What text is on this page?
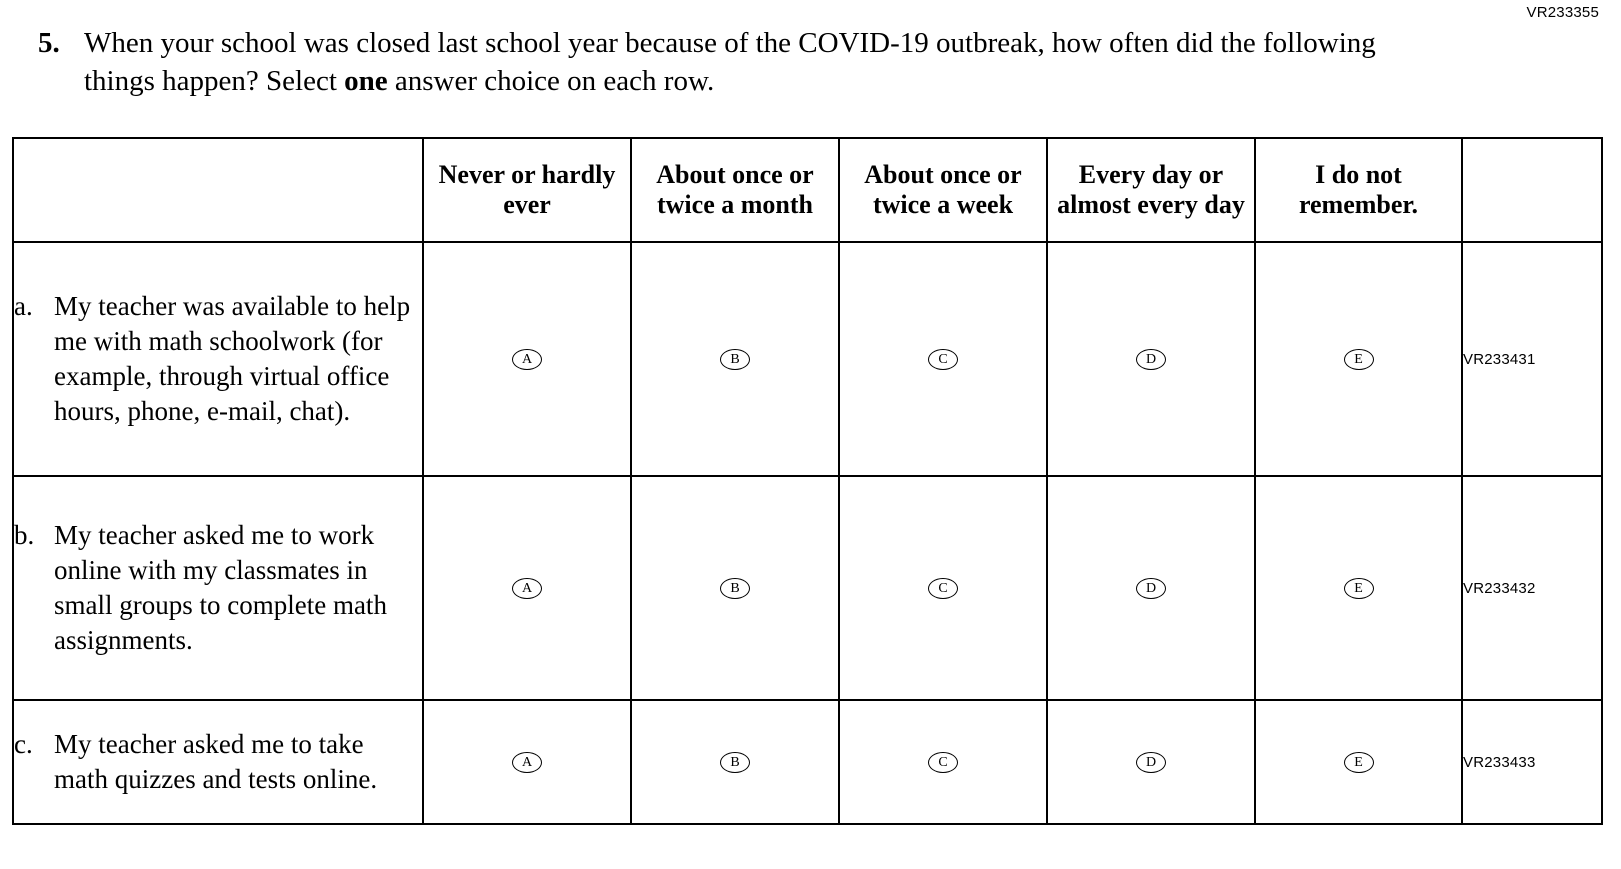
VR233355
5. When your school was closed last school year because of the COVID-19 outbreak, how often did the following things happen? Select one answer choice on each row.
	Never or hardly ever	About once or twice a month	About once or twice a week	Every day or almost every day	I do not remember.	

a. My teacher was available to help me with math schoolwork (for example, through virtual office hours, phone, e-mail, chat).	A	B	C	D	E	VR233431

b. My teacher asked me to work online with my classmates in small groups to complete math assignments.	A	B	C	D	E	VR233432

c. My teacher asked me to take math quizzes and tests online.	A	B	C	D	E	VR233433
